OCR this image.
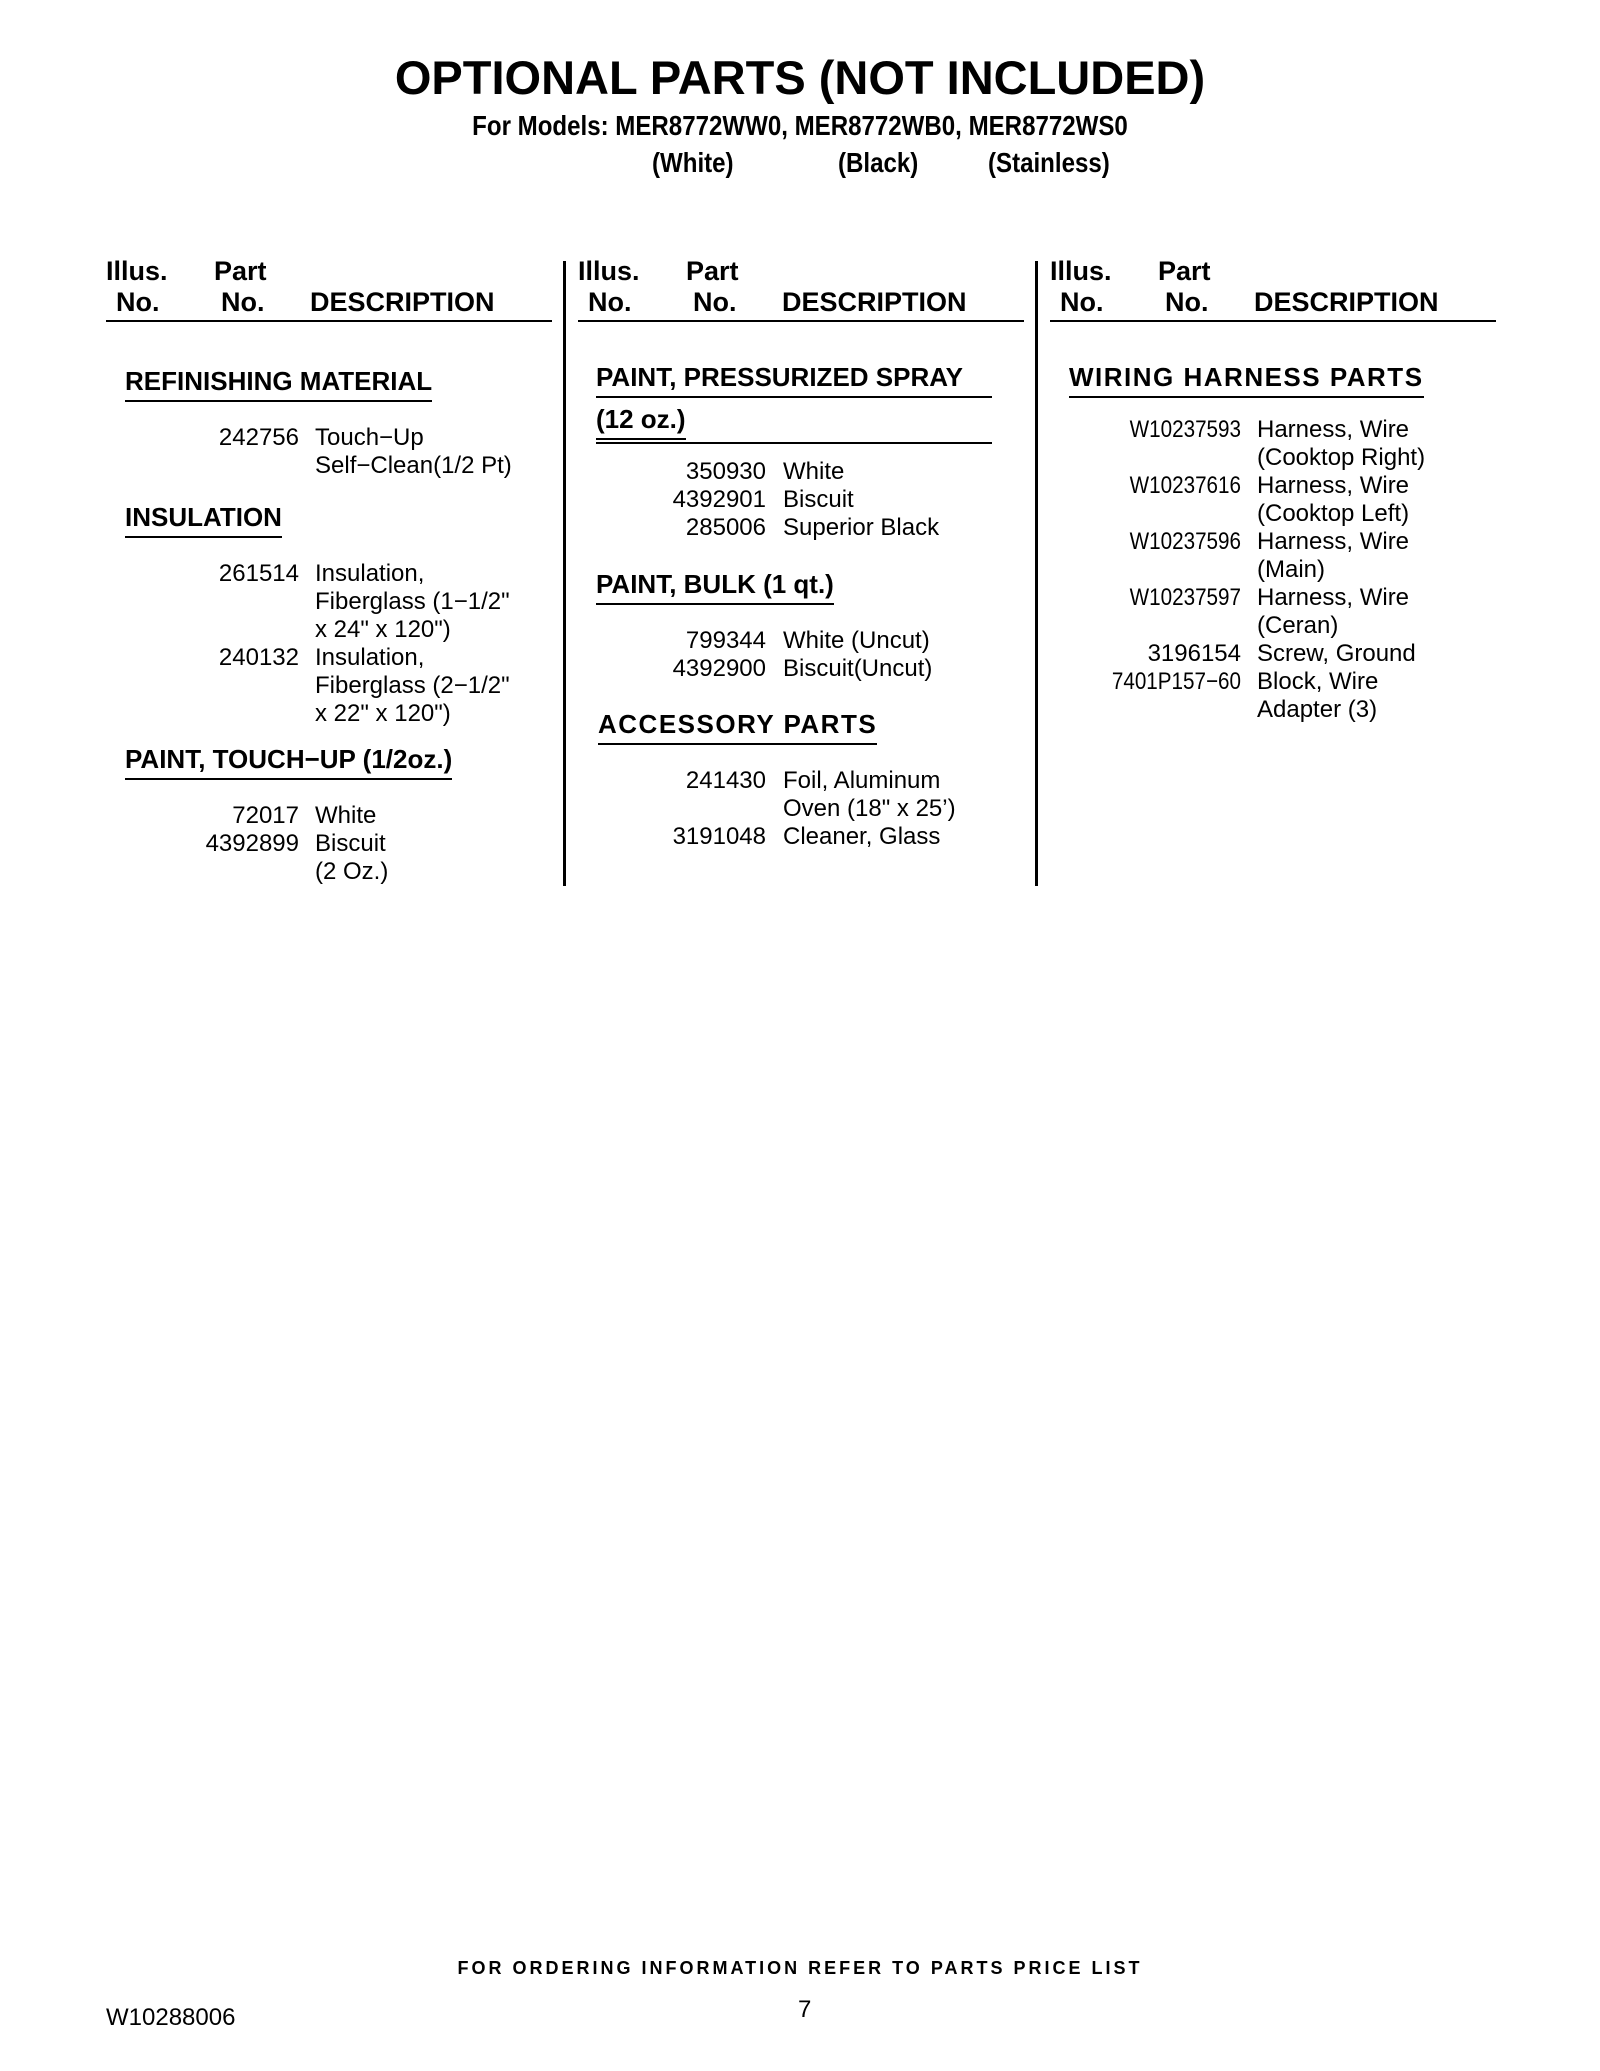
OPTIONAL PARTS (NOT INCLUDED)
For Models: MER8772WW0, MER8772WB0, MER8772WS0
(White)	(Black) (Stainless)
Illus.
No.
Part
No. DESCRIPTION
Illus.
No.
Part
No. DESCRIPTION
Illus.
No.
Part
No. DESCRIPTION
REFINISHING MATERIAL
242756 Touch−Up
Self−Clean(1/2 Pt)
INSULATION
261514 Insulation,
Fiberglass (1−1/2"
x 24" x 120")
240132 Insulation,
Fiberglass (2−1/2"
x 22" x 120")
PAINT, TOUCH−UP (1/2oz.)
72017 White
4392899 Biscuit
(2 Oz.)
PAINT, PRESSURIZED SPRAY
(12 oz.)
350930 White
4392901 Biscuit
285006 Superior Black
PAINT, BULK (1 qt.)
799344 White (Uncut)
4392900 Biscuit(Uncut)
ACCESSORY PARTS
241430 Foil, Aluminum
Oven (18" x 25’)
3191048 Cleaner, Glass
WIRING HARNESS PARTS
W10237593 Harness, Wire
(Cooktop Right)
W10237616 Harness, Wire
(Cooktop Left)
W10237596 Harness, Wire
(Main)
W10237597 Harness, Wire
(Ceran)
3196154 Screw, Ground
7401P157−60 Block, Wire
Adapter (3)
FOR ORDERING INFORMATION REFER TO PARTS PRICE LIST
W10288006	7
